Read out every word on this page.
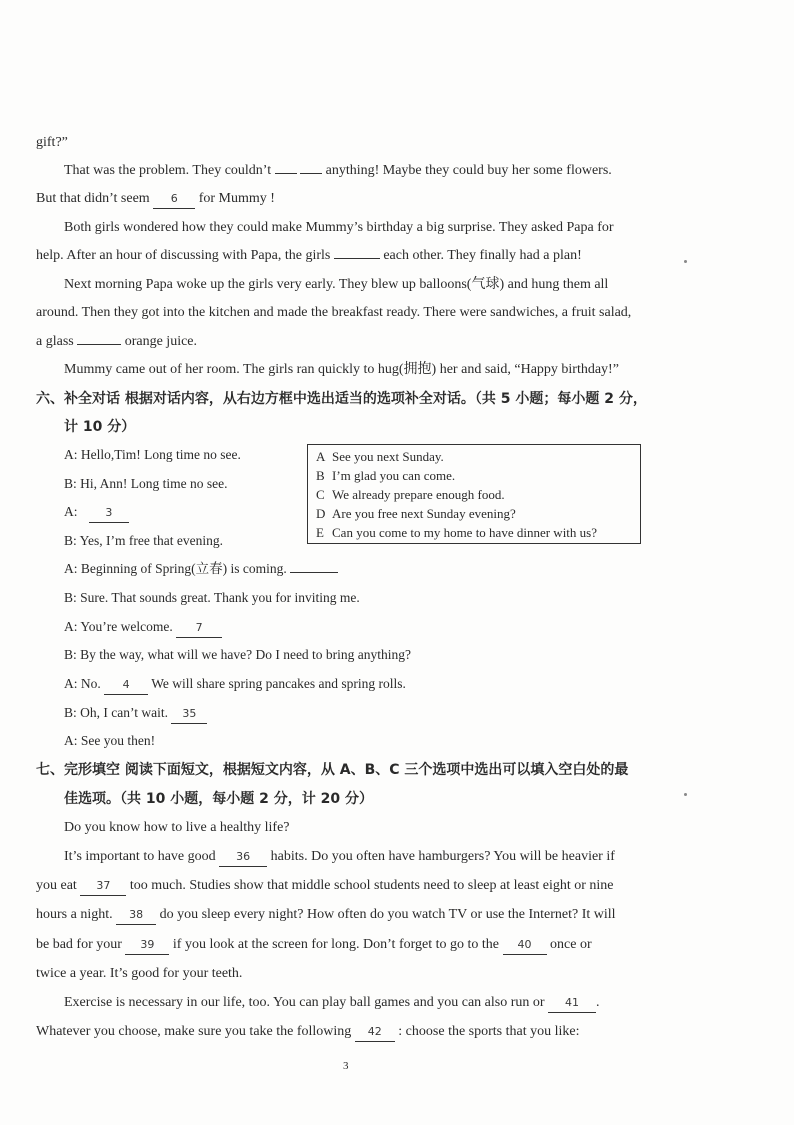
gift?”
That was the problem. They couldn’t	anything! Maybe they could buy her some flowers.
But that didn’t seem 6 for Mummy !
Both girls wondered how they could make Mummy’s birthday a big surprise. They asked Papa for
help. After an hour of discussing with Papa, the girls	each other. They finally had a plan!
Next morning Papa woke up the girls very early. They blew up balloons(气球) and hung them all
around. Then they got into the kitchen and made the breakfast ready. There were sandwiches, a fruit salad,
a glass	orange juice.
Mummy came out of her room. The girls ran quickly to hug(拥抱) her and said, “Happy birthday!”
六、补全对话 根据对话内容，从右边方框中选出适当的选项补全对话。（共 5 小题；每小题 2 分，
计 10 分）
A: Hello,Tim! Long time no see.
B: Hi, Ann! Long time no see.
A:	3
B: Yes, I’m free that evening.
A: Beginning of Spring(立春) is coming.
B: Sure. That sounds great. Thank you for inviting me.
A: You’re welcome. 7
B: By the way, what will we have? Do I need to bring anything?
A: No. 4 We will share spring pancakes and spring rolls.
B: Oh, I can’t wait. 35
A: See you then!
A See you next Sunday.
B I’m glad you can come.
C We already prepare enough food.
D Are you free next Sunday evening?
E Can you come to my home to have dinner with us?
七、完形填空 阅读下面短文，根据短文内容，从 A、B、C 三个选项中选出可以填入空白处的最
佳选项。（共 10 小题，每小题 2 分，计 20 分）
Do you know how to live a healthy life?
It’s important to have good 36 habits. Do you often have hamburgers? You will be heavier if
you eat 37 too much. Studies show that middle school students need to sleep at least eight or nine
hours a night. 38 do you sleep every night? How often do you watch TV or use the Internet? It will
be bad for your 39 if you look at the screen for long. Don’t forget to go to the 40 once or
twice a year. It’s good for your teeth.
Exercise is necessary in our life, too. You can play ball games and you can also run or 41 .
Whatever you choose, make sure you take the following 42 : choose the sports that you like:
3
